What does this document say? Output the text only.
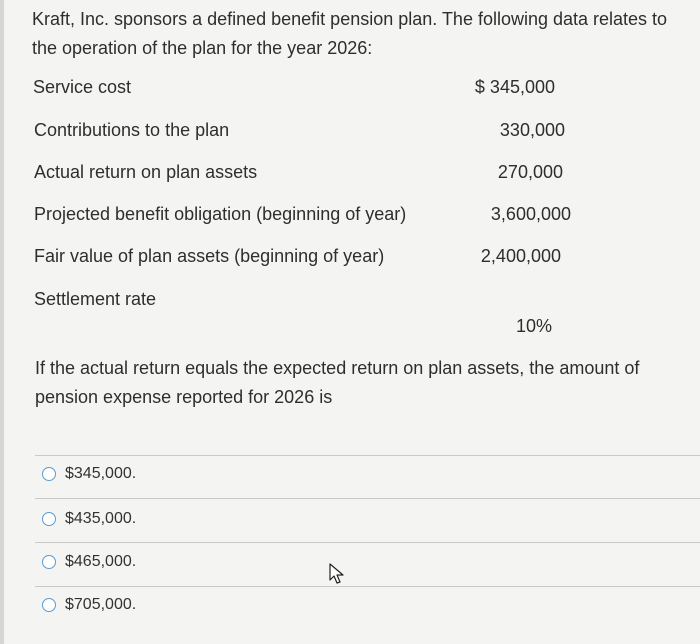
Kraft, Inc. sponsors a defined benefit pension plan. The following data relates to the operation of the plan for the year 2026:
Service cost	$ 345,000
Contributions to the plan	330,000
Actual return on plan assets	270,000
Projected benefit obligation (beginning of year)	3,600,000
Fair value of plan assets (beginning of year)	2,400,000
Settlement rate
10%
If the actual return equals the expected return on plan assets, the amount of pension expense reported for 2026 is
$345,000.
$435,000.
$465,000.
$705,000.
